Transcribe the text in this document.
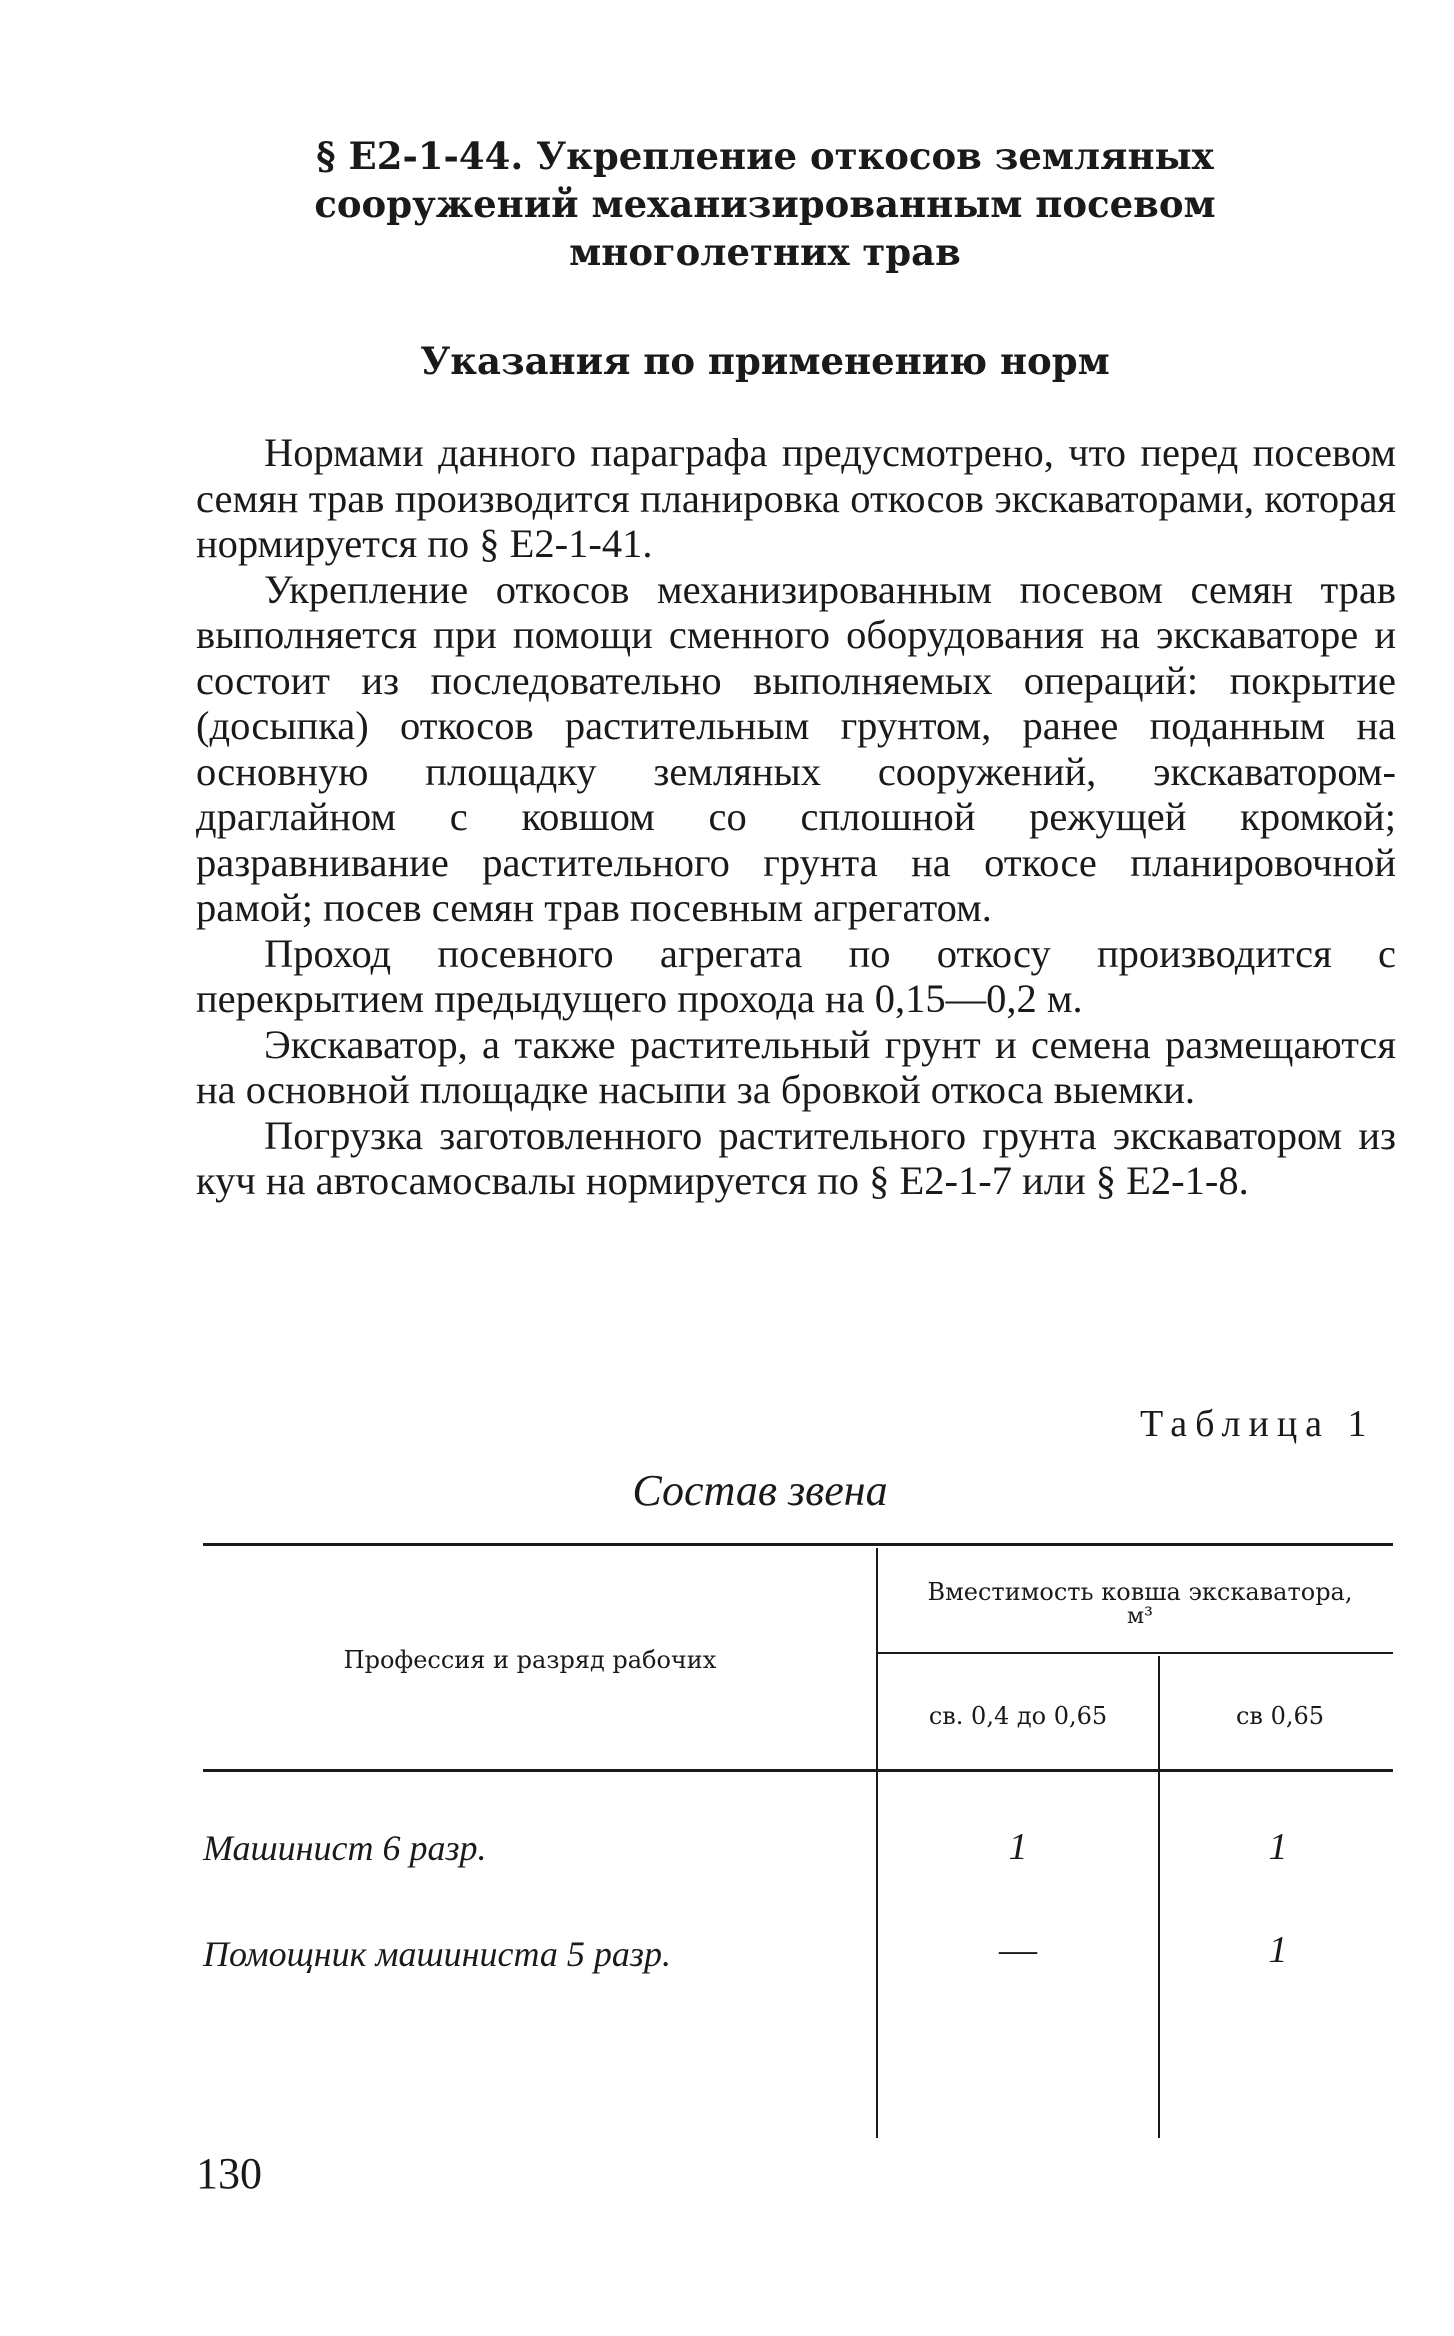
§ Е2-1-44. Укрепление откосов земляных
сооружений механизированным посевом
многолетних трав
Указания по применению норм

Нормами данного параграфа предусмотрено, что перед посевом семян трав производится планировка откосов экскаваторами, которая нормируется по § Е2-1-41.

Укрепление откосов механизированным посевом семян трав выполняется при помощи сменного оборудования на экскаваторе и состоит из последовательно выполняемых операций: покрытие (досыпка) откосов растительным грунтом, ранее поданным на основную площадку земляных сооружений, экскаватором-драглайном с ковшом со сплошной режущей кромкой; разравнивание растительного грунта на откосе планировочной рамой; посев семян трав посевным агрегатом.

Проход посевного агрегата по откосу производится с перекрытием предыдущего прохода на 0,15—0,2 м.

Экскаватор, а также растительный грунт и семена размещаются на основной площадке насыпи за бровкой откоса выемки.

Погрузка заготовленного растительного грунта экскаватором из куч на автосамосвалы нормируется по § Е2-1-7 или § Е2-1-8.

Таблица 1
Состав звена
Профессия и разряд рабочих
Вместимость ковша экскаватора,
м³
св. 0,4 до 0,65	св 0,65
Машинист 6 разр.	1	1
Помощник машиниста 5 разр.	—	1
130
